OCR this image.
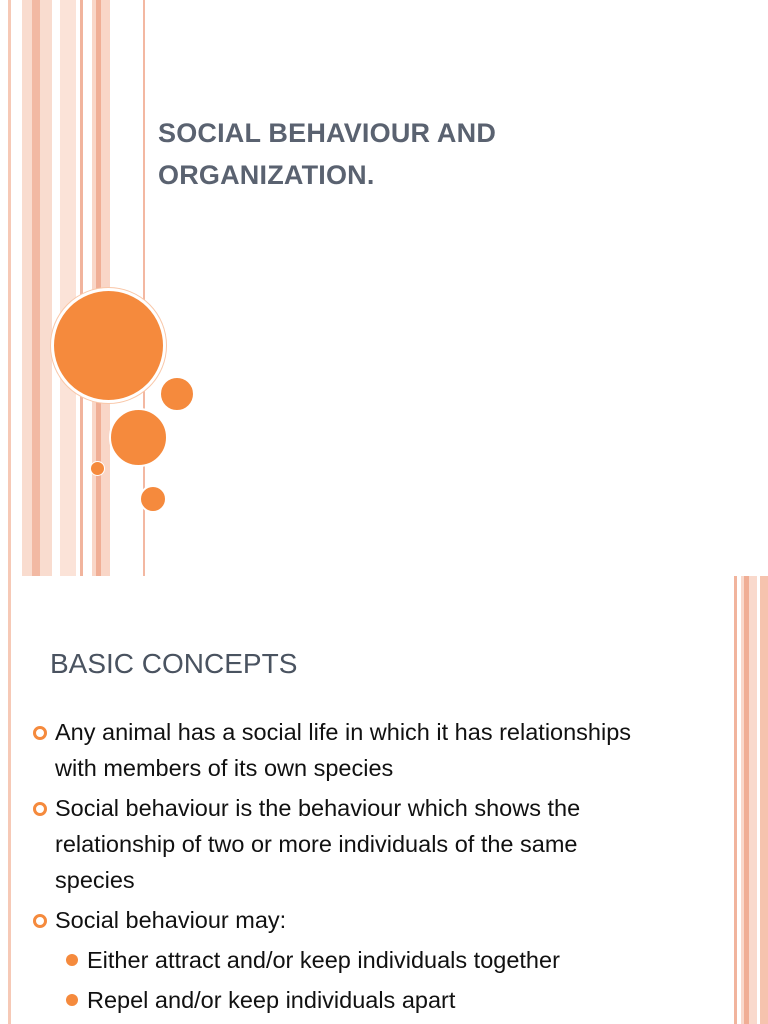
SOCIAL BEHAVIOUR AND
ORGANIZATION.
BASIC CONCEPTS
Any animal has a social life in which it has relationships
with members of its own species
Social behaviour is the behaviour which shows the
relationship of two or more individuals of the same
species
Social behaviour may:
Either attract and/or keep individuals together
Repel and/or keep individuals apart
